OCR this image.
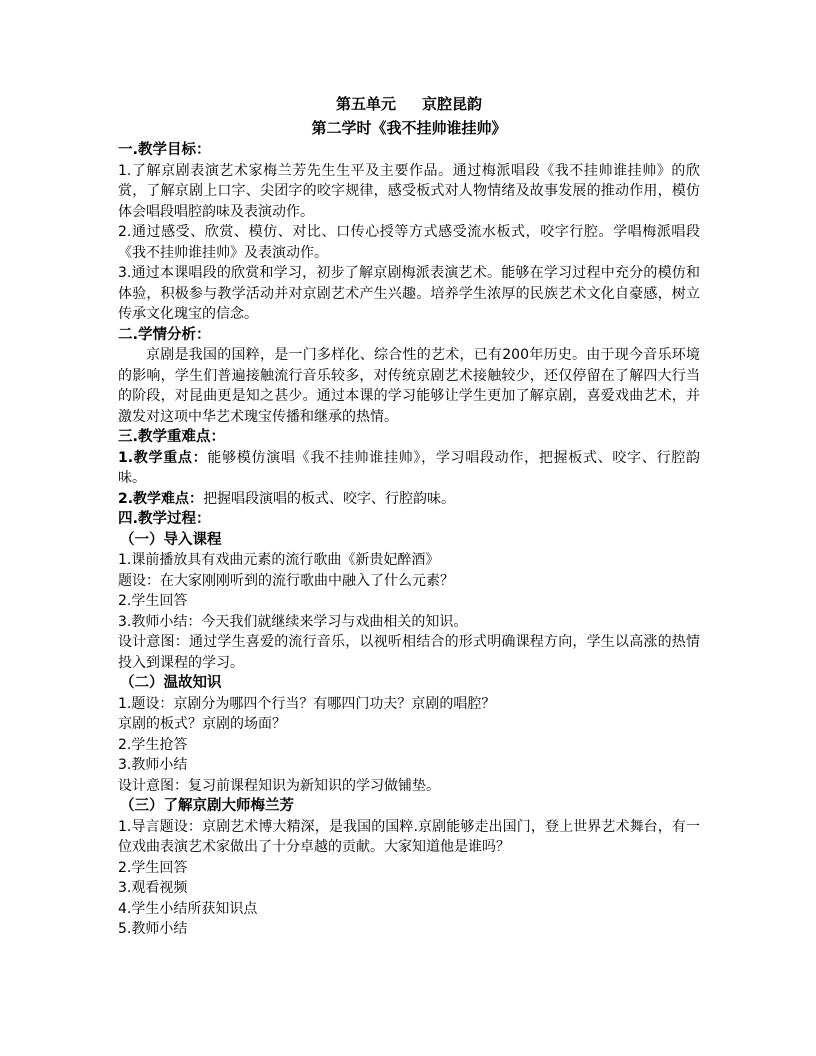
第五单元 京腔昆韵
第二学时《我不挂帅谁挂帅》
一.教学目标：
1.了解京剧表演艺术家梅兰芳先生生平及主要作品。通过梅派唱段《我不挂帅谁挂帅》的欣赏，了解京剧上口字、尖团字的咬字规律，感受板式对人物情绪及故事发展的推动作用，模仿体会唱段唱腔韵味及表演动作。
2.通过感受、欣赏、模仿、对比、口传心授等方式感受流水板式，咬字行腔。学唱梅派唱段《我不挂帅谁挂帅》及表演动作。
3.通过本课唱段的欣赏和学习，初步了解京剧梅派表演艺术。能够在学习过程中充分的模仿和体验，积极参与教学活动并对京剧艺术产生兴趣。培养学生浓厚的民族艺术文化自豪感，树立传承文化瑰宝的信念。
二.学情分析：
京剧是我国的国粹，是一门多样化、综合性的艺术，已有200年历史。由于现今音乐环境的影响，学生们普遍接触流行音乐较多，对传统京剧艺术接触较少，还仅停留在了解四大行当的阶段，对昆曲更是知之甚少。通过本课的学习能够让学生更加了解京剧，喜爱戏曲艺术，并激发对这项中华艺术瑰宝传播和继承的热情。
三.教学重难点：
1.教学重点：能够模仿演唱《我不挂帅谁挂帅》，学习唱段动作，把握板式、咬字、行腔韵味。
2.教学难点：把握唱段演唱的板式、咬字、行腔韵味。
四.教学过程：
（一）导入课程
1.课前播放具有戏曲元素的流行歌曲《新贵妃醉酒》
题设：在大家刚刚听到的流行歌曲中融入了什么元素？
2.学生回答
3.教师小结：今天我们就继续来学习与戏曲相关的知识。
设计意图：通过学生喜爱的流行音乐，以视听相结合的形式明确课程方向，学生以高涨的热情投入到课程的学习。
（二）温故知识
1.题设：京剧分为哪四个行当？有哪四门功夫？京剧的唱腔？
京剧的板式？京剧的场面？
2.学生抢答
3.教师小结
设计意图：复习前课程知识为新知识的学习做铺垫。
（三）了解京剧大师梅兰芳
1.导言题设：京剧艺术博大精深，是我国的国粹.京剧能够走出国门，登上世界艺术舞台，有一位戏曲表演艺术家做出了十分卓越的贡献。大家知道他是谁吗？
2.学生回答
3.观看视频
4.学生小结所获知识点
5.教师小结
